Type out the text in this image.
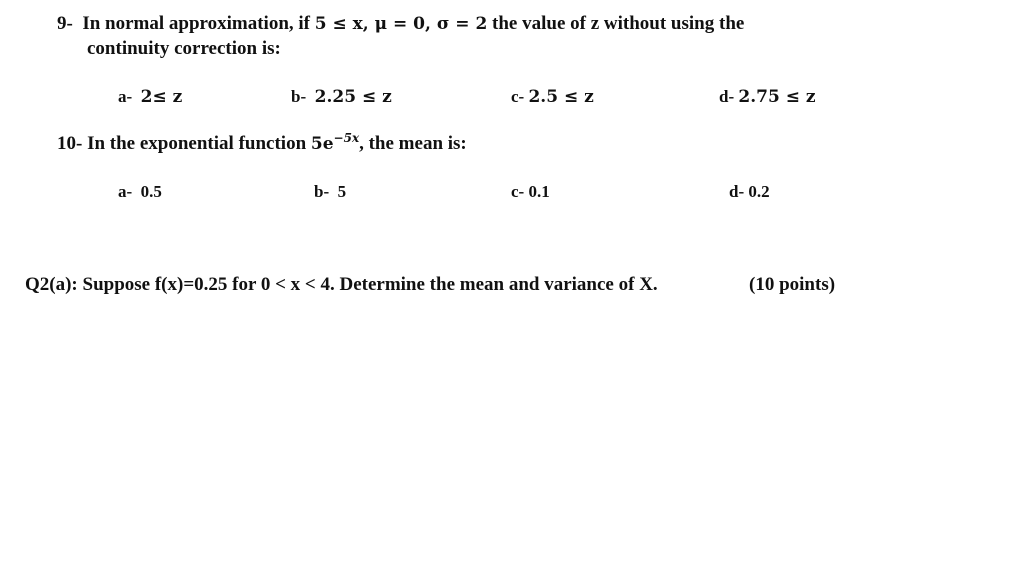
9- In normal approximation, if 5 ≤ x, μ = 0, σ = 2 the value of z without using the
continuity correction is:
a- 2≤ z	b- 2.25 ≤ z	c- 2.5 ≤ z	d- 2.75 ≤ z
10- In the exponential function $5e^{-5x}$, the mean is:
a- 0.5	b- 5	c- 0.1	d- 0.2
Q2(a): Suppose f(x)=0.25 for 0 < x < 4. Determine the mean and variance of X.	(10 points)
